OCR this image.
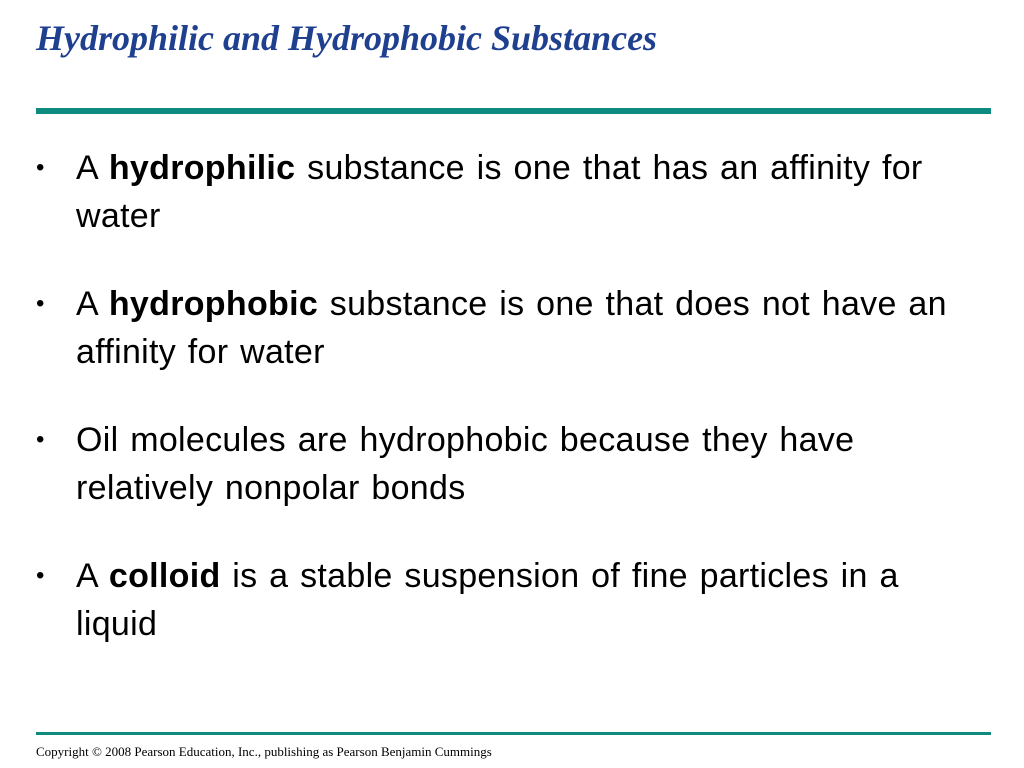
Hydrophilic and Hydrophobic Substances
• A hydrophilic substance is one that has an affinity for water
• A hydrophobic substance is one that does not have an affinity for water
• Oil molecules are hydrophobic because they have relatively nonpolar bonds
• A colloid is a stable suspension of fine particles in a liquid

Copyright © 2008 Pearson Education, Inc., publishing as Pearson Benjamin Cummings
